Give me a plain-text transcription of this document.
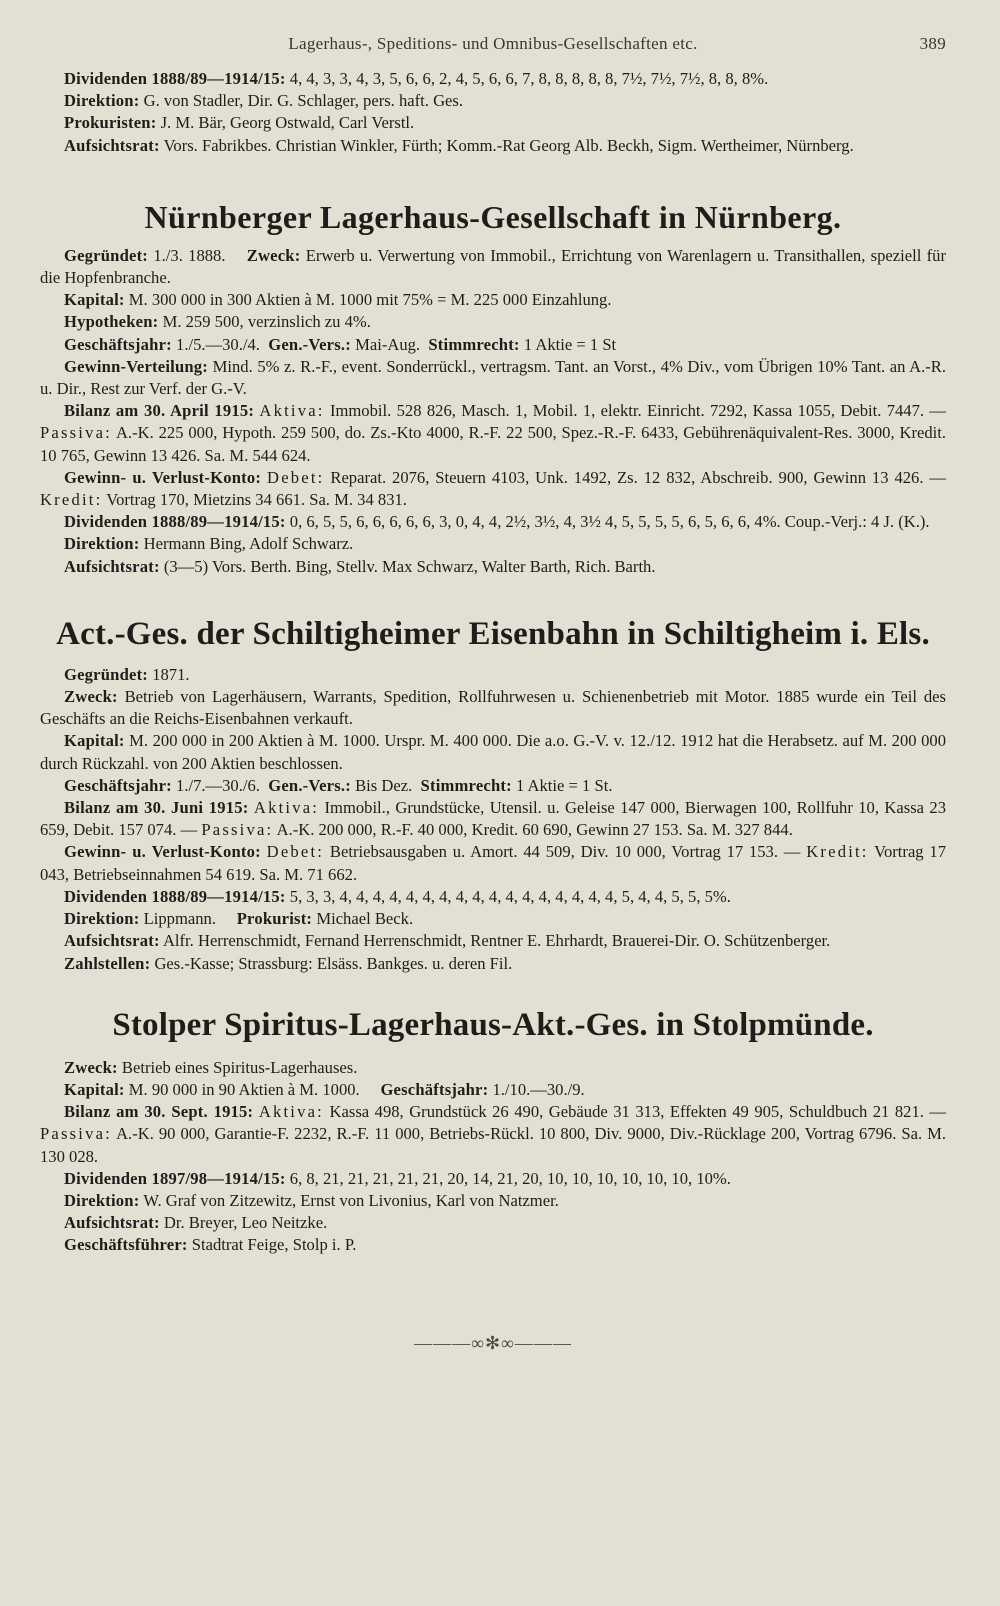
Lagerhaus-, Speditions- und Omnibus-Gesellschaften etc.	389

Dividenden 1888/89—1914/15: 4, 4, 3, 3, 4, 3, 5, 6, 6, 2, 4, 5, 6, 6, 7, 8, 8, 8, 8, 8, 7½, 7½, 7½, 8, 8, 8%.

Direktion: G. von Stadler, Dir. G. Schlager, pers. haft. Ges.

Prokuristen: J. M. Bär, Georg Ostwald, Carl Verstl.

Aufsichtsrat: Vors. Fabrikbes. Christian Winkler, Fürth; Komm.-Rat Georg Alb. Beckh, Sigm. Wertheimer, Nürnberg.

Nürnberger Lagerhaus-Gesellschaft in Nürnberg.

Gegründet: 1./3. 1888. Zweck: Erwerb u. Verwertung von Immobil., Errichtung von Warenlagern u. Transithallen, speziell für die Hopfenbranche.

Kapital: M. 300 000 in 300 Aktien à M. 1000 mit 75% = M. 225 000 Einzahlung.

Hypotheken: M. 259 500, verzinslich zu 4%.

Geschäftsjahr: 1./5.—30./4. Gen.-Vers.: Mai-Aug. Stimmrecht: 1 Aktie = 1 St

Gewinn-Verteilung: Mind. 5% z. R.-F., event. Sonderrückl., vertragsm. Tant. an Vorst., 4% Div., vom Übrigen 10% Tant. an A.-R. u. Dir., Rest zur Verf. der G.-V.

Bilanz am 30. April 1915: Aktiva: Immobil. 528 826, Masch. 1, Mobil. 1, elektr. Einricht. 7292, Kassa 1055, Debit. 7447. — Passiva: A.-K. 225 000, Hypoth. 259 500, do. Zs.-Kto 4000, R.-F. 22 500, Spez.-R.-F. 6433, Gebührenäquivalent-Res. 3000, Kredit. 10 765, Gewinn 13 426. Sa. M. 544 624.

Gewinn- u. Verlust-Konto: Debet: Reparat. 2076, Steuern 4103, Unk. 1492, Zs. 12 832, Abschreib. 900, Gewinn 13 426. — Kredit: Vortrag 170, Mietzins 34 661. Sa. M. 34 831.

Dividenden 1888/89—1914/15: 0, 6, 5, 5, 6, 6, 6, 6, 6, 3, 0, 4, 4, 2½, 3½, 4, 3½ 4, 5, 5, 5, 5, 6, 5, 6, 6, 4%. Coup.-Verj.: 4 J. (K.).

Direktion: Hermann Bing, Adolf Schwarz.

Aufsichtsrat: (3—5) Vors. Berth. Bing, Stellv. Max Schwarz, Walter Barth, Rich. Barth.

Act.-Ges. der Schiltigheimer Eisenbahn in Schiltigheim i. Els.

Gegründet: 1871.

Zweck: Betrieb von Lagerhäusern, Warrants, Spedition, Rollfuhrwesen u. Schienenbetrieb mit Motor. 1885 wurde ein Teil des Geschäfts an die Reichs-Eisenbahnen verkauft.

Kapital: M. 200 000 in 200 Aktien à M. 1000. Urspr. M. 400 000. Die a.o. G.-V. v. 12./12. 1912 hat die Herabsetz. auf M. 200 000 durch Rückzahl. von 200 Aktien beschlossen.

Geschäftsjahr: 1./7.—30./6. Gen.-Vers.: Bis Dez. Stimmrecht: 1 Aktie = 1 St.

Bilanz am 30. Juni 1915: Aktiva: Immobil., Grundstücke, Utensil. u. Geleise 147 000, Bierwagen 100, Rollfuhr 10, Kassa 23 659, Debit. 157 074. — Passiva: A.-K. 200 000, R.-F. 40 000, Kredit. 60 690, Gewinn 27 153. Sa. M. 327 844.

Gewinn- u. Verlust-Konto: Debet: Betriebsausgaben u. Amort. 44 509, Div. 10 000, Vortrag 17 153. — Kredit: Vortrag 17 043, Betriebseinnahmen 54 619. Sa. M. 71 662.

Dividenden 1888/89—1914/15: 5, 3, 3, 4, 4, 4, 4, 4, 4, 4, 4, 4, 4, 4, 4, 4, 4, 4, 4, 4, 5, 4, 4, 5, 5, 5%.

Direktion: Lippmann. Prokurist: Michael Beck.

Aufsichtsrat: Alfr. Herrenschmidt, Fernand Herrenschmidt, Rentner E. Ehrhardt, Brauerei-Dir. O. Schützenberger.

Zahlstellen: Ges.-Kasse; Strassburg: Elsäss. Bankges. u. deren Fil.

Stolper Spiritus-Lagerhaus-Akt.-Ges. in Stolpmünde.

Zweck: Betrieb eines Spiritus-Lagerhauses.

Kapital: M. 90 000 in 90 Aktien à M. 1000. Geschäftsjahr: 1./10.—30./9.

Bilanz am 30. Sept. 1915: Aktiva: Kassa 498, Grundstück 26 490, Gebäude 31 313, Effekten 49 905, Schuldbuch 21 821. — Passiva: A.-K. 90 000, Garantie-F. 2232, R.-F. 11 000, Betriebs-Rückl. 10 800, Div. 9000, Div.-Rücklage 200, Vortrag 6796. Sa. M. 130 028.

Dividenden 1897/98—1914/15: 6, 8, 21, 21, 21, 21, 21, 20, 14, 21, 20, 10, 10, 10, 10, 10, 10, 10%.

Direktion: W. Graf von Zitzewitz, Ernst von Livonius, Karl von Natzmer.

Aufsichtsrat: Dr. Breyer, Leo Neitzke.

Geschäftsführer: Stadtrat Feige, Stolp i. P.

———∞✻∞———
